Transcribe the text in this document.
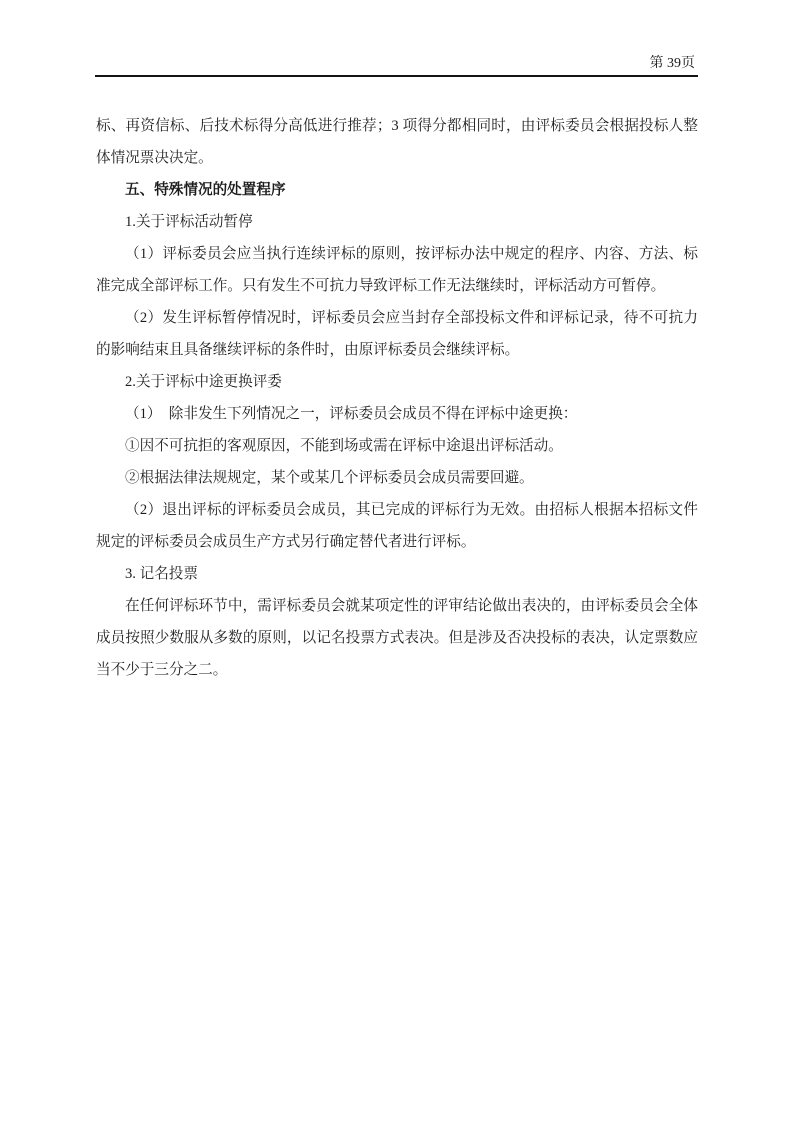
第 39页

标、再资信标、后技术标得分高低进行推荐；3 项得分都相同时，由评标委员会根据投标人整体情况票决决定。

五、特殊情况的处置程序

1.关于评标活动暂停

（1）评标委员会应当执行连续评标的原则，按评标办法中规定的程序、内容、方法、标准完成全部评标工作。只有发生不可抗力导致评标工作无法继续时，评标活动方可暂停。

（2）发生评标暂停情况时，评标委员会应当封存全部投标文件和评标记录，待不可抗力的影响结束且具备继续评标的条件时，由原评标委员会继续评标。

2.关于评标中途更换评委

（1）　除非发生下列情况之一，评标委员会成员不得在评标中途更换：

①因不可抗拒的客观原因，不能到场或需在评标中途退出评标活动。

②根据法律法规规定，某个或某几个评标委员会成员需要回避。

（2）退出评标的评标委员会成员，其已完成的评标行为无效。由招标人根据本招标文件规定的评标委员会成员生产方式另行确定替代者进行评标。

3. 记名投票

在任何评标环节中，需评标委员会就某项定性的评审结论做出表决的，由评标委员会全体成员按照少数服从多数的原则，以记名投票方式表决。但是涉及否决投标的表决，认定票数应当不少于三分之二。
